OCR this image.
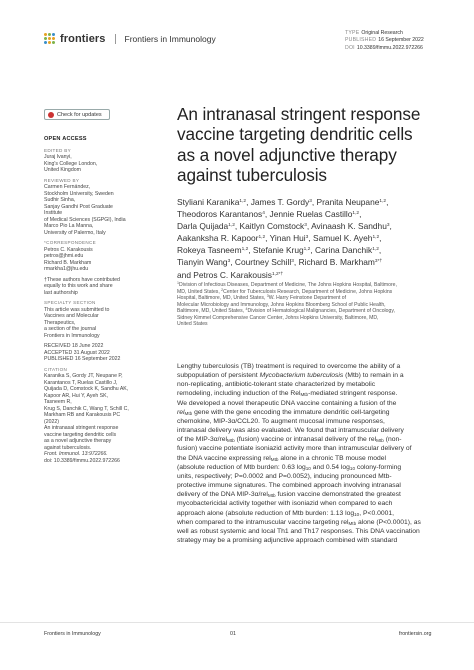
frontiers Frontiers in Immunology
TYPE Original Research
PUBLISHED 16 September 2022
DOI 10.3389/fimmu.2022.972266
Check for updates
OPEN ACCESS
EDITED BY
Juraj Ivanyi,
King's College London,
United Kingdom
REVIEWED BY
Carmen Fernández,
Stockholm University, Sweden
Sudhir Sinha,
Sanjay Gandhi Post Graduate Institute
of Medical Sciences (SGPGI), India
Marco Pio La Manna,
University of Palermo, Italy
*CORRESPONDENCE
Petros C. Karakousis
petros@jhmi.edu
Richard B. Markham
rmarkha1@jhu.edu
†These authors have contributed
equally to this work and share
last authorship
SPECIALTY SECTION
This article was submitted to
Vaccines and Molecular Therapeutics,
a section of the journal
Frontiers in Immunology
RECEIVED 18 June 2022
ACCEPTED 31 August 2022
PUBLISHED 16 September 2022
CITATION
Karanika S, Gordy JT, Neupane P,
Karantanos T, Ruelas Castillo J,
Quijada D, Comstock K, Sandhu AK,
Kapoor AR, Hui Y, Ayeh SK, Tasneem R,
Krug S, Danchik C, Wang T, Schill C,
Markham RB and Karakousis PC (2022)
An intranasal stringent response
vaccine targeting dendritic cells
as a novel adjunctive therapy
against tuberculosis.
Front. Immunol. 13:972266.
doi: 10.3389/fimmu.2022.972266
An intranasal stringent response
vaccine targeting dendritic cells
as a novel adjunctive therapy
against tuberculosis
Styliani Karanika$^{1,2}$, James T. Gordy$^3$, Pranita Neupane$^{1,2}$,
Theodoros Karantanos$^4$, Jennie Ruelas Castillo$^{1,2}$,
Darla Quijada$^{1,2}$, Kaitlyn Comstock$^3$, Avinaash K. Sandhu$^3$,
Aakanksha R. Kapoor$^{1,2}$, Yinan Hui$^3$, Samuel K. Ayeh$^{1,2}$,
Rokeya Tasneem$^{1,2}$, Stefanie Krug$^{1,2}$, Carina Danchik$^{1,2}$,
Tianyin Wang$^3$, Courtney Schill$^3$, Richard B. Markham$^{3*\dagger}$
and Petros C. Karakousis$^{1,2*\dagger}$
$^1$Division of Infectious Diseases, Department of Medicine, The Johns Hopkins Hospital, Baltimore,
MD, United States, $^2$Center for Tuberculosis Research, Department of Medicine, Johns Hopkins
Hospital, Baltimore, MD, United States, $^3$W. Harry Feinstone Department of
Molecular Microbiology and Immunology, Johns Hopkins Bloomberg School of Public Health,
Baltimore, MD, United States, $^4$Division of Hematological Malignancies, Department of Oncology,
Sidney Kimmel Comprehensive Cancer Center, Johns Hopkins University, Baltimore, MD,
United States
Lengthy tuberculosis (TB) treatment is required to overcome the ability of a
subpopulation of persistent Mycobacterium tuberculosis (Mtb) to remain in a
non-replicating, antibiotic-tolerant state characterized by metabolic
remodeling, including induction of the Rel$_{Mtb}$-mediated stringent response.
We developed a novel therapeutic DNA vaccine containing a fusion of the
rel$_{Mtb}$ gene with the gene encoding the immature dendritic cell-targeting
chemokine, MIP-3α/CCL20. To augment mucosal immune responses,
intranasal delivery was also evaluated. We found that intramuscular delivery
of the MIP-3α/rel$_{Mtb}$ (fusion) vaccine or intranasal delivery of the rel$_{Mtb}$ (non-
fusion) vaccine potentiate isoniazid activity more than intramuscular delivery of
the DNA vaccine expressing rel$_{Mtb}$ alone in a chronic TB mouse model
(absolute reduction of Mtb burden: 0.63 $\log_{10}$ and 0.54 $\log_{10}$ colony-forming
units, respectively; P=0.0002 and P=0.0052), inducing pronounced Mtb-
protective immune signatures. The combined approach involving intranasal
delivery of the DNA MIP-3α/rel$_{Mtb}$ fusion vaccine demonstrated the greatest
mycobactericidal activity together with isoniazid when compared to each
approach alone (absolute reduction of Mtb burden: 1.13 $\log_{10}$, P<0.0001,
when compared to the intramuscular vaccine targeting rel$_{Mtb}$ alone (P<0.0001), as
well as robust systemic and local Th1 and Th17 responses. This DNA vaccination
strategy may be a promising adjunctive approach combined with standard
Frontiers in Immunology	01	frontiersin.org
